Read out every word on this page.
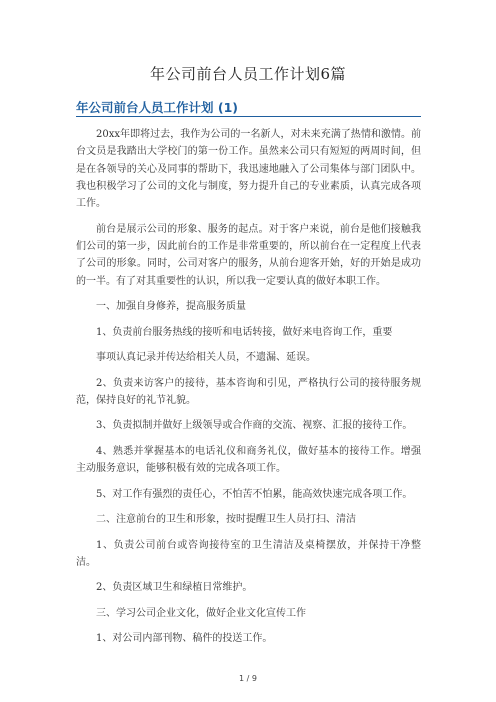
年公司前台人员工作计划6篇
年公司前台人员工作计划 (1)

20xx年即将过去，我作为公司的一名新人，对未来充满了热情和激情。前台文员是我踏出大学校门的第一份工作。虽然来公司只有短短的两周时间，但是在各领导的关心及同事的帮助下，我迅速地融入了公司集体与部门团队中。我也积极学习了公司的文化与制度，努力提升自己的专业素质，认真完成各项工作。

前台是展示公司的形象、服务的起点。对于客户来说，前台是他们接触我们公司的第一步，因此前台的工作是非常重要的，所以前台在一定程度上代表了公司的形象。同时，公司对客户的服务，从前台迎客开始，好的开始是成功的一半。有了对其重要性的认识，所以我一定要认真的做好本职工作。

一、加强自身修养，提高服务质量

1、负责前台服务热线的接听和电话转接，做好来电咨询工作，重要

事项认真记录并传达给相关人员，不遗漏、延误。

2、负责来访客户的接待，基本咨询和引见，严格执行公司的接待服务规范，保持良好的礼节礼貌。

3、负责拟制并做好上级领导或合作商的交流、视察、汇报的接待工作。

4、熟悉并掌握基本的电话礼仪和商务礼仪，做好基本的接待工作。增强主动服务意识，能够积极有效的完成各项工作。

5、对工作有强烈的责任心，不怕苦不怕累，能高效快速完成各项工作。

二、注意前台的卫生和形象，按时提醒卫生人员打扫、清洁

1、负责公司前台或咨询接待室的卫生清洁及桌椅摆放，并保持干净整洁。

2、负责区域卫生和绿植日常维护。

三、学习公司企业文化，做好企业文化宣传工作

1、对公司内部刊物、稿件的投送工作。

1 / 9
